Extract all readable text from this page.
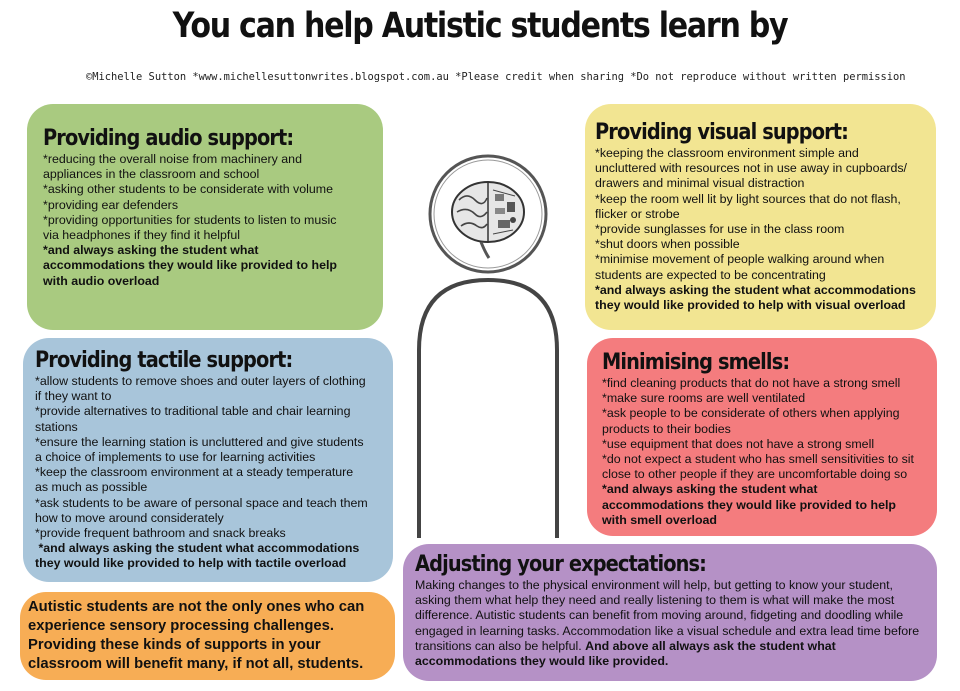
You can help Autistic students learn by
©Michelle Sutton *www.michellesuttonwrites.blogspot.com.au *Please credit when sharing *Do not reproduce without written permission
Providing audio support:

*reducing the overall noise from machinery and

appliances in the classroom and school

*asking other students to be considerate with volume

*providing ear defenders

*providing opportunities for students to listen to music

via headphones if they find it helpful

*and always asking the student what

accommodations they would like provided to help

with audio overload

Providing visual support:

*keeping the classroom environment simple and

uncluttered with resources not in use away in cupboards/

drawers and minimal visual distraction

*keep the room well lit by light sources that do not flash,

flicker or strobe

*provide sunglasses for use in the class room

*shut doors when possible

*minimise movement of people walking around when

students are expected to be concentrating

*and always asking the student what accommodations

they would like provided to help with visual overload

Providing tactile support:

*allow students to remove shoes and outer layers of clothing

if they want to

*provide alternatives to traditional table and chair learning

stations

*ensure the learning station is uncluttered and give students

a choice of implements to use for learning activities

*keep the classroom environment at a steady temperature

as much as possible

*ask students to be aware of personal space and teach them

how to move around considerately

*provide frequent bathroom and snack breaks

*and always asking the student what accommodations

they would like provided to help with tactile overload

Minimising smells:

*find cleaning products that do not have a strong smell

*make sure rooms are well ventilated

*ask people to be considerate of others when applying

products to their bodies

*use equipment that does not have a strong smell

*do not expect a student who has smell sensitivities to sit

close to other people if they are uncomfortable doing so

*and always asking the student what

accommodations they would like provided to help

with smell overload

Adjusting your expectations:

Making changes to the physical environment will help, but getting to know your student, asking them what help they need and really listening to them is what will make the most difference. Autistic students can benefit from moving around, fidgeting and doodling while engaged in learning tasks. Accommodation like a visual schedule and extra lead time before transitions can also be helpful. And above all always ask the student what accommodations they would like provided.

Autistic students are not the only ones who can experience sensory processing challenges. Providing these kinds of supports in your classroom will benefit many, if not all, students.
